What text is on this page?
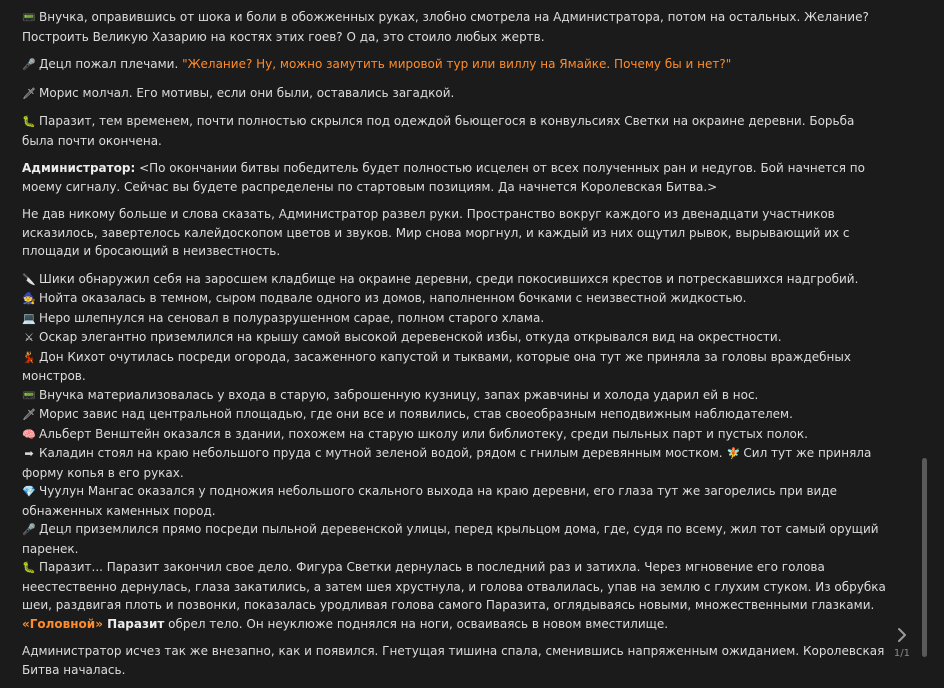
📟 Внучка, оправившись от шока и боли в обожженных руках, злобно смотрела на Администратора, потом на остальных. Желание? Построить Великую Хазарию на костях этих гоев? О да, это стоило любых жертв.

🎤 Децл пожал плечами. "Желание? Ну, можно замутить мировой тур или виллу на Ямайке. Почему бы и нет?"

🗡 Морис молчал. Его мотивы, если они были, оставались загадкой.

🐛 Паразит, тем временем, почти полностью скрылся под одеждой бьющегося в конвульсиях Светки на окраине деревни. Борьба была почти окончена.

Администратор: <По окончании битвы победитель будет полностью исцелен от всех полученных ран и недугов. Бой начнется по моему сигналу. Сейчас вы будете распределены по стартовым позициям. Да начнется Королевская Битва.>

Не дав никому больше и слова сказать, Администратор развел руки. Пространство вокруг каждого из двенадцати участников исказилось, завертелось калейдоскопом цветов и звуков. Мир снова моргнул, и каждый из них ощутил рывок, вырывающий их с площади и бросающий в неизвестность.

🔪 Шики обнаружил себя на заросшем кладбище на окраине деревни, среди покосившихся крестов и потрескавшихся надгробий.

🧙 Нойта оказалась в темном, сыром подвале одного из домов, наполненном бочками с неизвестной жидкостью.

💻 Неро шлепнулся на сеновал в полуразрушенном сарае, полном старого хлама.

⚔ Оскар элегантно приземлился на крышу самой высокой деревенской избы, откуда открывался вид на окрестности.

💃 Дон Кихот очутилась посреди огорода, засаженного капустой и тыквами, которые она тут же приняла за головы враждебных монстров.

📟 Внучка материализовалась у входа в старую, заброшенную кузницу, запах ржавчины и холода ударил ей в нос.

🗡 Морис завис над центральной площадью, где они все и появились, став своеобразным неподвижным наблюдателем.

🧠 Альберт Венштейн оказался в здании, похожем на старую школу или библиотеку, среди пыльных парт и пустых полок.

➡ Каладин стоял на краю небольшого пруда с мутной зеленой водой, рядом с гнилым деревянным мостком. 🧚 Сил тут же приняла форму копья в его руках.

💎 Чуулун Мангас оказался у подножия небольшого скального выхода на краю деревни, его глаза тут же загорелись при виде обнаженных каменных пород.

🎤 Децл приземлился прямо посреди пыльной деревенской улицы, перед крыльцом дома, где, судя по всему, жил тот самый орущий паренек.

🐛 Паразит... Паразит закончил свое дело. Фигура Светки дернулась в последний раз и затихла. Через мгновение его голова неестественно дернулась, глаза закатились, а затем шея хрустнула, и голова отвалилась, упав на землю с глухим стуком. Из обрубка шеи, раздвигая плоть и позвонки, показалась уродливая голова самого Паразита, оглядываясь новыми, множественными глазками. «Головной» Паразит обрел тело. Он неуклюже поднялся на ноги, осваиваясь в новом вместилище.

Администратор исчез так же внезапно, как и появился. Гнетущая тишина спала, сменившись напряженным ожиданием. Королевская Битва началась.

1/1
